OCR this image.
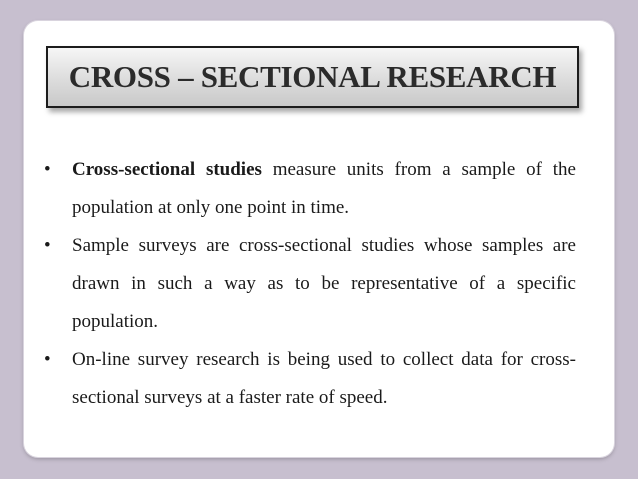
CROSS – SECTIONAL RESEARCH
•	Cross-sectional studies measure units from a sample of the population at only one point in time.
•	Sample surveys are cross-sectional studies whose samples are drawn in such a way as to be representative of a specific population.
•	On-line survey research is being used to collect data for cross-sectional surveys at a faster rate of speed.
